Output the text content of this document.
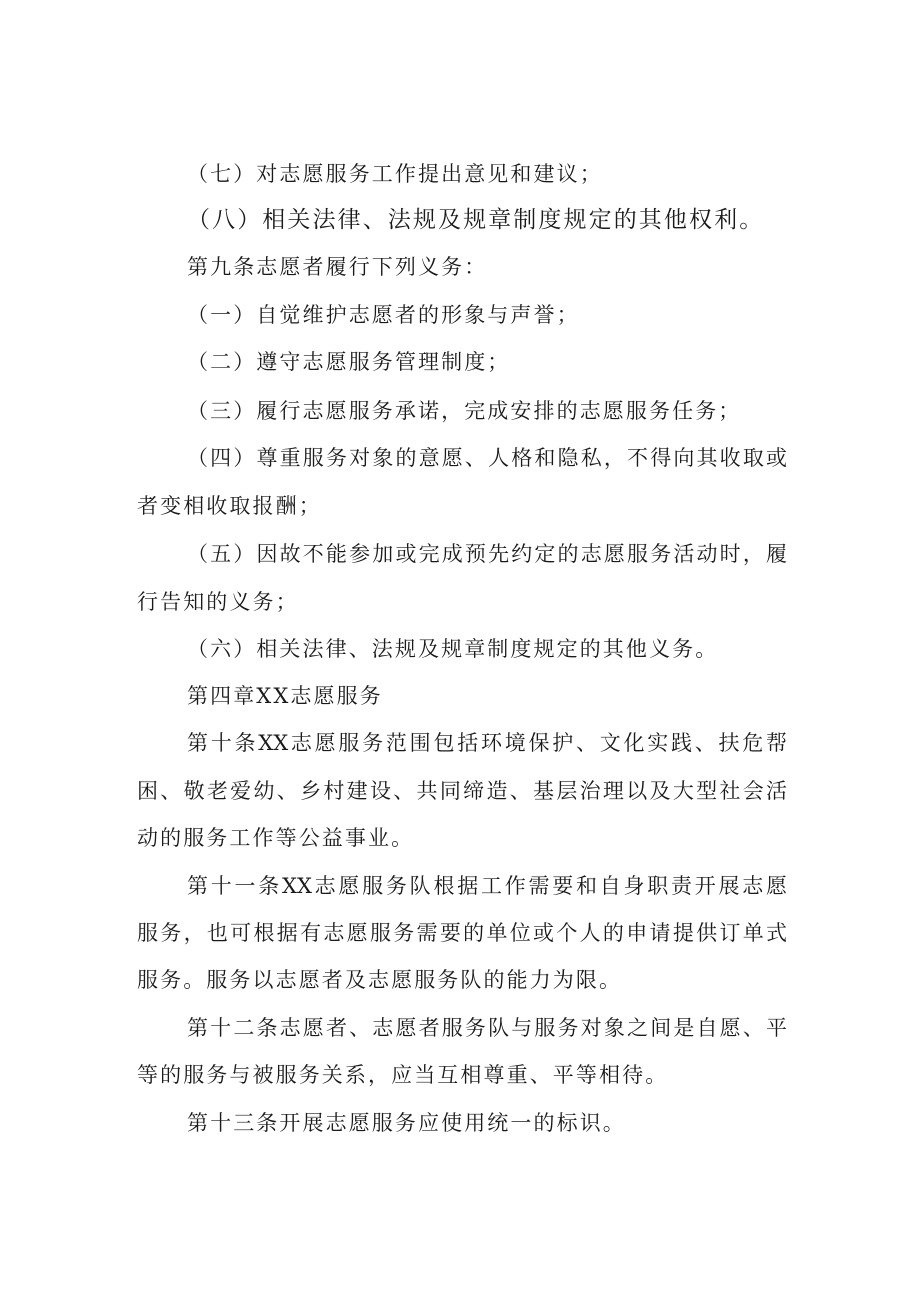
（七）对志愿服务工作提出意见和建议；

（八）相关法律、法规及规章制度规定的其他权利。

第九条志愿者履行下列义务：

（一）自觉维护志愿者的形象与声誉；

（二）遵守志愿服务管理制度；

（三）履行志愿服务承诺，完成安排的志愿服务任务；

（四）尊重服务对象的意愿、人格和隐私，不得向其收取或

者变相收取报酬；

（五）因故不能参加或完成预先约定的志愿服务活动时，履

行告知的义务；

（六）相关法律、法规及规章制度规定的其他义务。

第四章XX志愿服务

第十条XX志愿服务范围包括环境保护、文化实践、扶危帮

困、敬老爱幼、乡村建设、共同缔造、基层治理以及大型社会活

动的服务工作等公益事业。

第十一条XX志愿服务队根据工作需要和自身职责开展志愿

服务，也可根据有志愿服务需要的单位或个人的申请提供订单式

服务。服务以志愿者及志愿服务队的能力为限。

第十二条志愿者、志愿者服务队与服务对象之间是自愿、平

等的服务与被服务关系，应当互相尊重、平等相待。

第十三条开展志愿服务应使用统一的标识。
